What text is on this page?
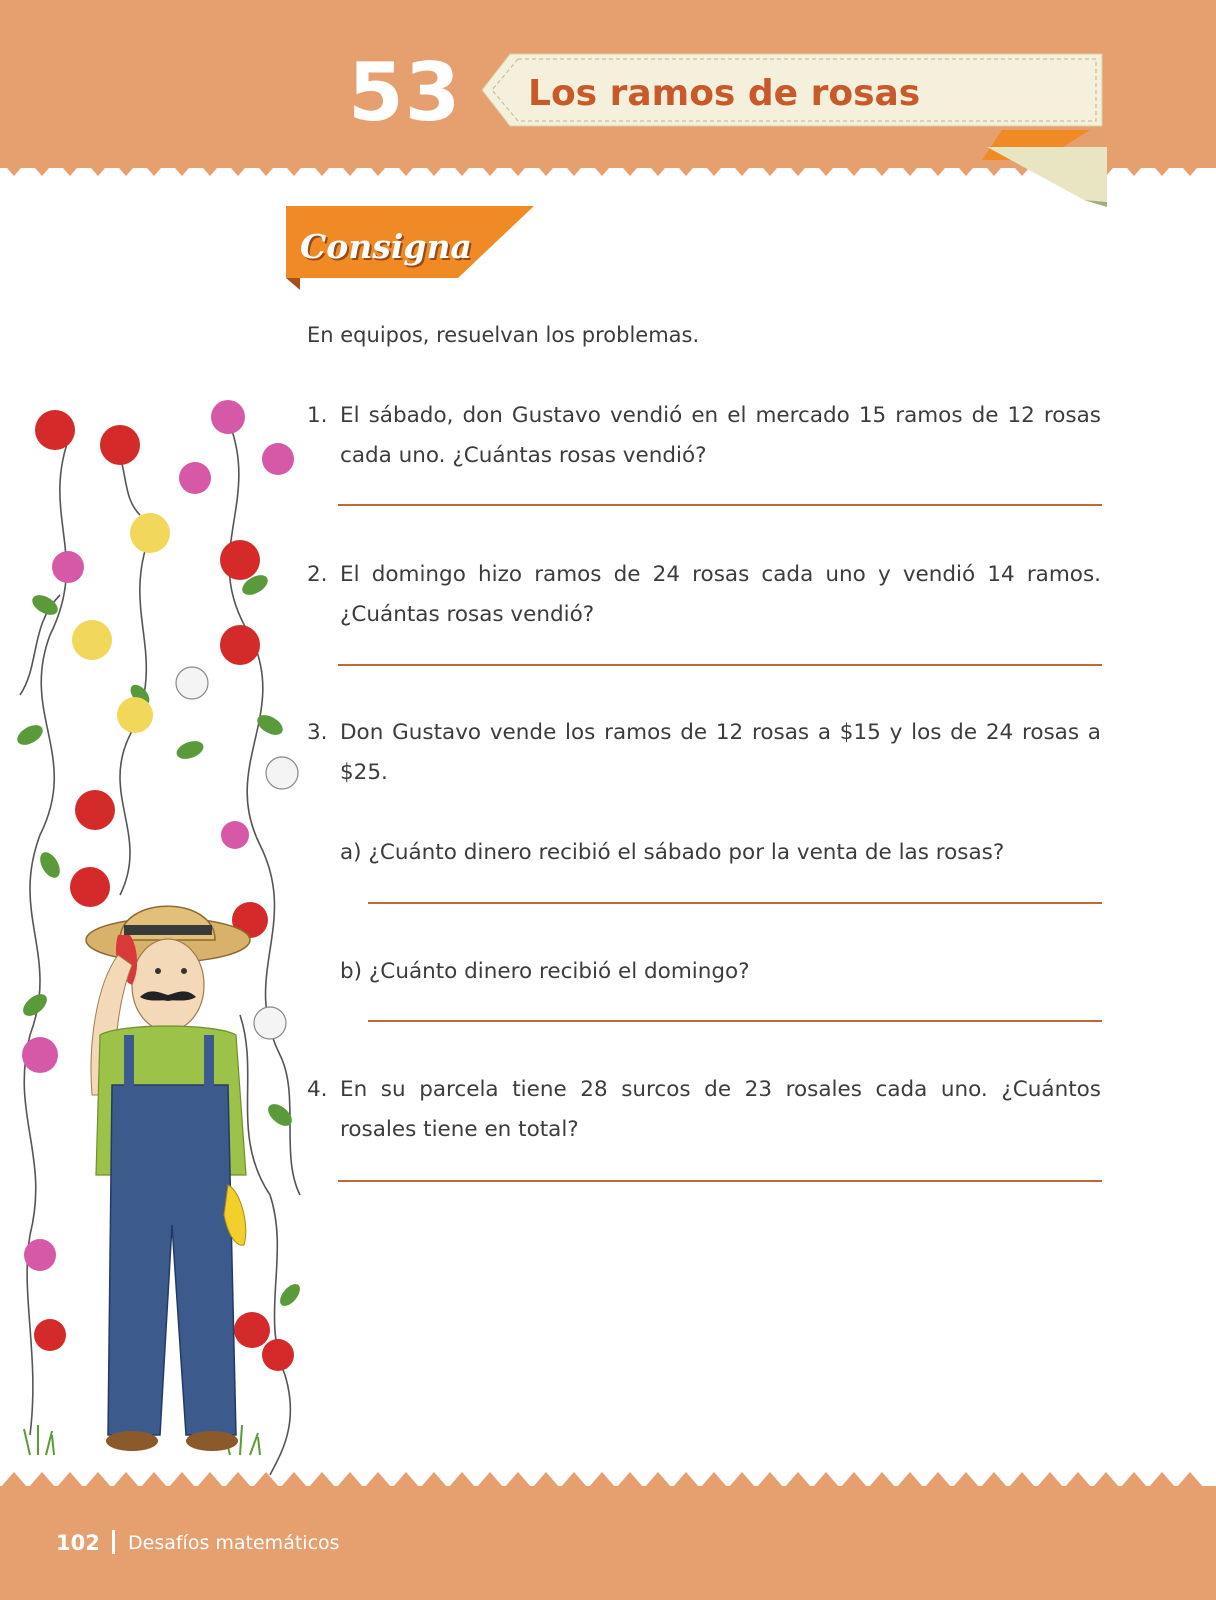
53 Los ramos de rosas
Consigna
En equipos, resuelvan los problemas.
1. El sábado, don Gustavo vendió en el mercado 15 ramos de 12 rosas cada uno. ¿Cuántas rosas vendió?
2. El domingo hizo ramos de 24 rosas cada uno y vendió 14 ramos. ¿Cuántas rosas vendió?
3. Don Gustavo vende los ramos de 12 rosas a $15 y los de 24 rosas a $25.
a) ¿Cuánto dinero recibió el sábado por la venta de las rosas?
b) ¿Cuánto dinero recibió el domingo?
4. En su parcela tiene 28 surcos de 23 rosales cada uno. ¿Cuántos rosales tiene en total?
102 Desafíos matemáticos
